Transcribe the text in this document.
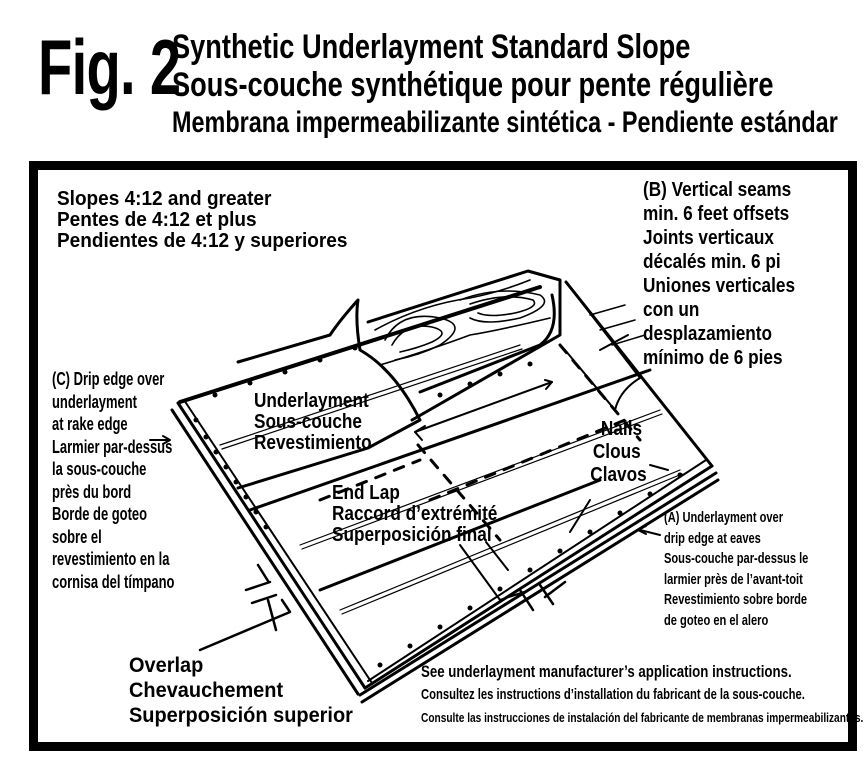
Fig. 2
Synthetic Underlayment Standard Slope
Sous-couche synthétique pour pente régulière
Membrana impermeabilizante sintética - Pendiente estándar
Slopes 4:12 and greater
Pentes de 4:12 et plus
Pendientes de 4:12 y superiores
(B) Vertical seams
min. 6 feet offsets
Joints verticaux
décalés min. 6 pi
Uniones verticales
con un
desplazamiento
mínimo de 6 pies
(C) Drip edge over
underlayment
at rake edge
Larmier par-dessus
la sous-couche
près du bord
Borde de goteo
sobre el
revestimiento en la
cornisa del tímpano
Underlayment
Sous-couche
Revestimiento
End Lap
Raccord d’extrémité
Superposición final
Nails
Clous
Clavos
(A) Underlayment over
drip edge at eaves
Sous-couche par-dessus le
larmier près de l’avant-toit
Revestimiento sobre borde
de goteo en el alero
Overlap
Chevauchement
Superposición superior
See underlayment manufacturer’s application instructions.
Consultez les instructions d’installation du fabricant de la sous-couche.
Consulte las instrucciones de instalación del fabricante de membranas impermeabilizantes.
